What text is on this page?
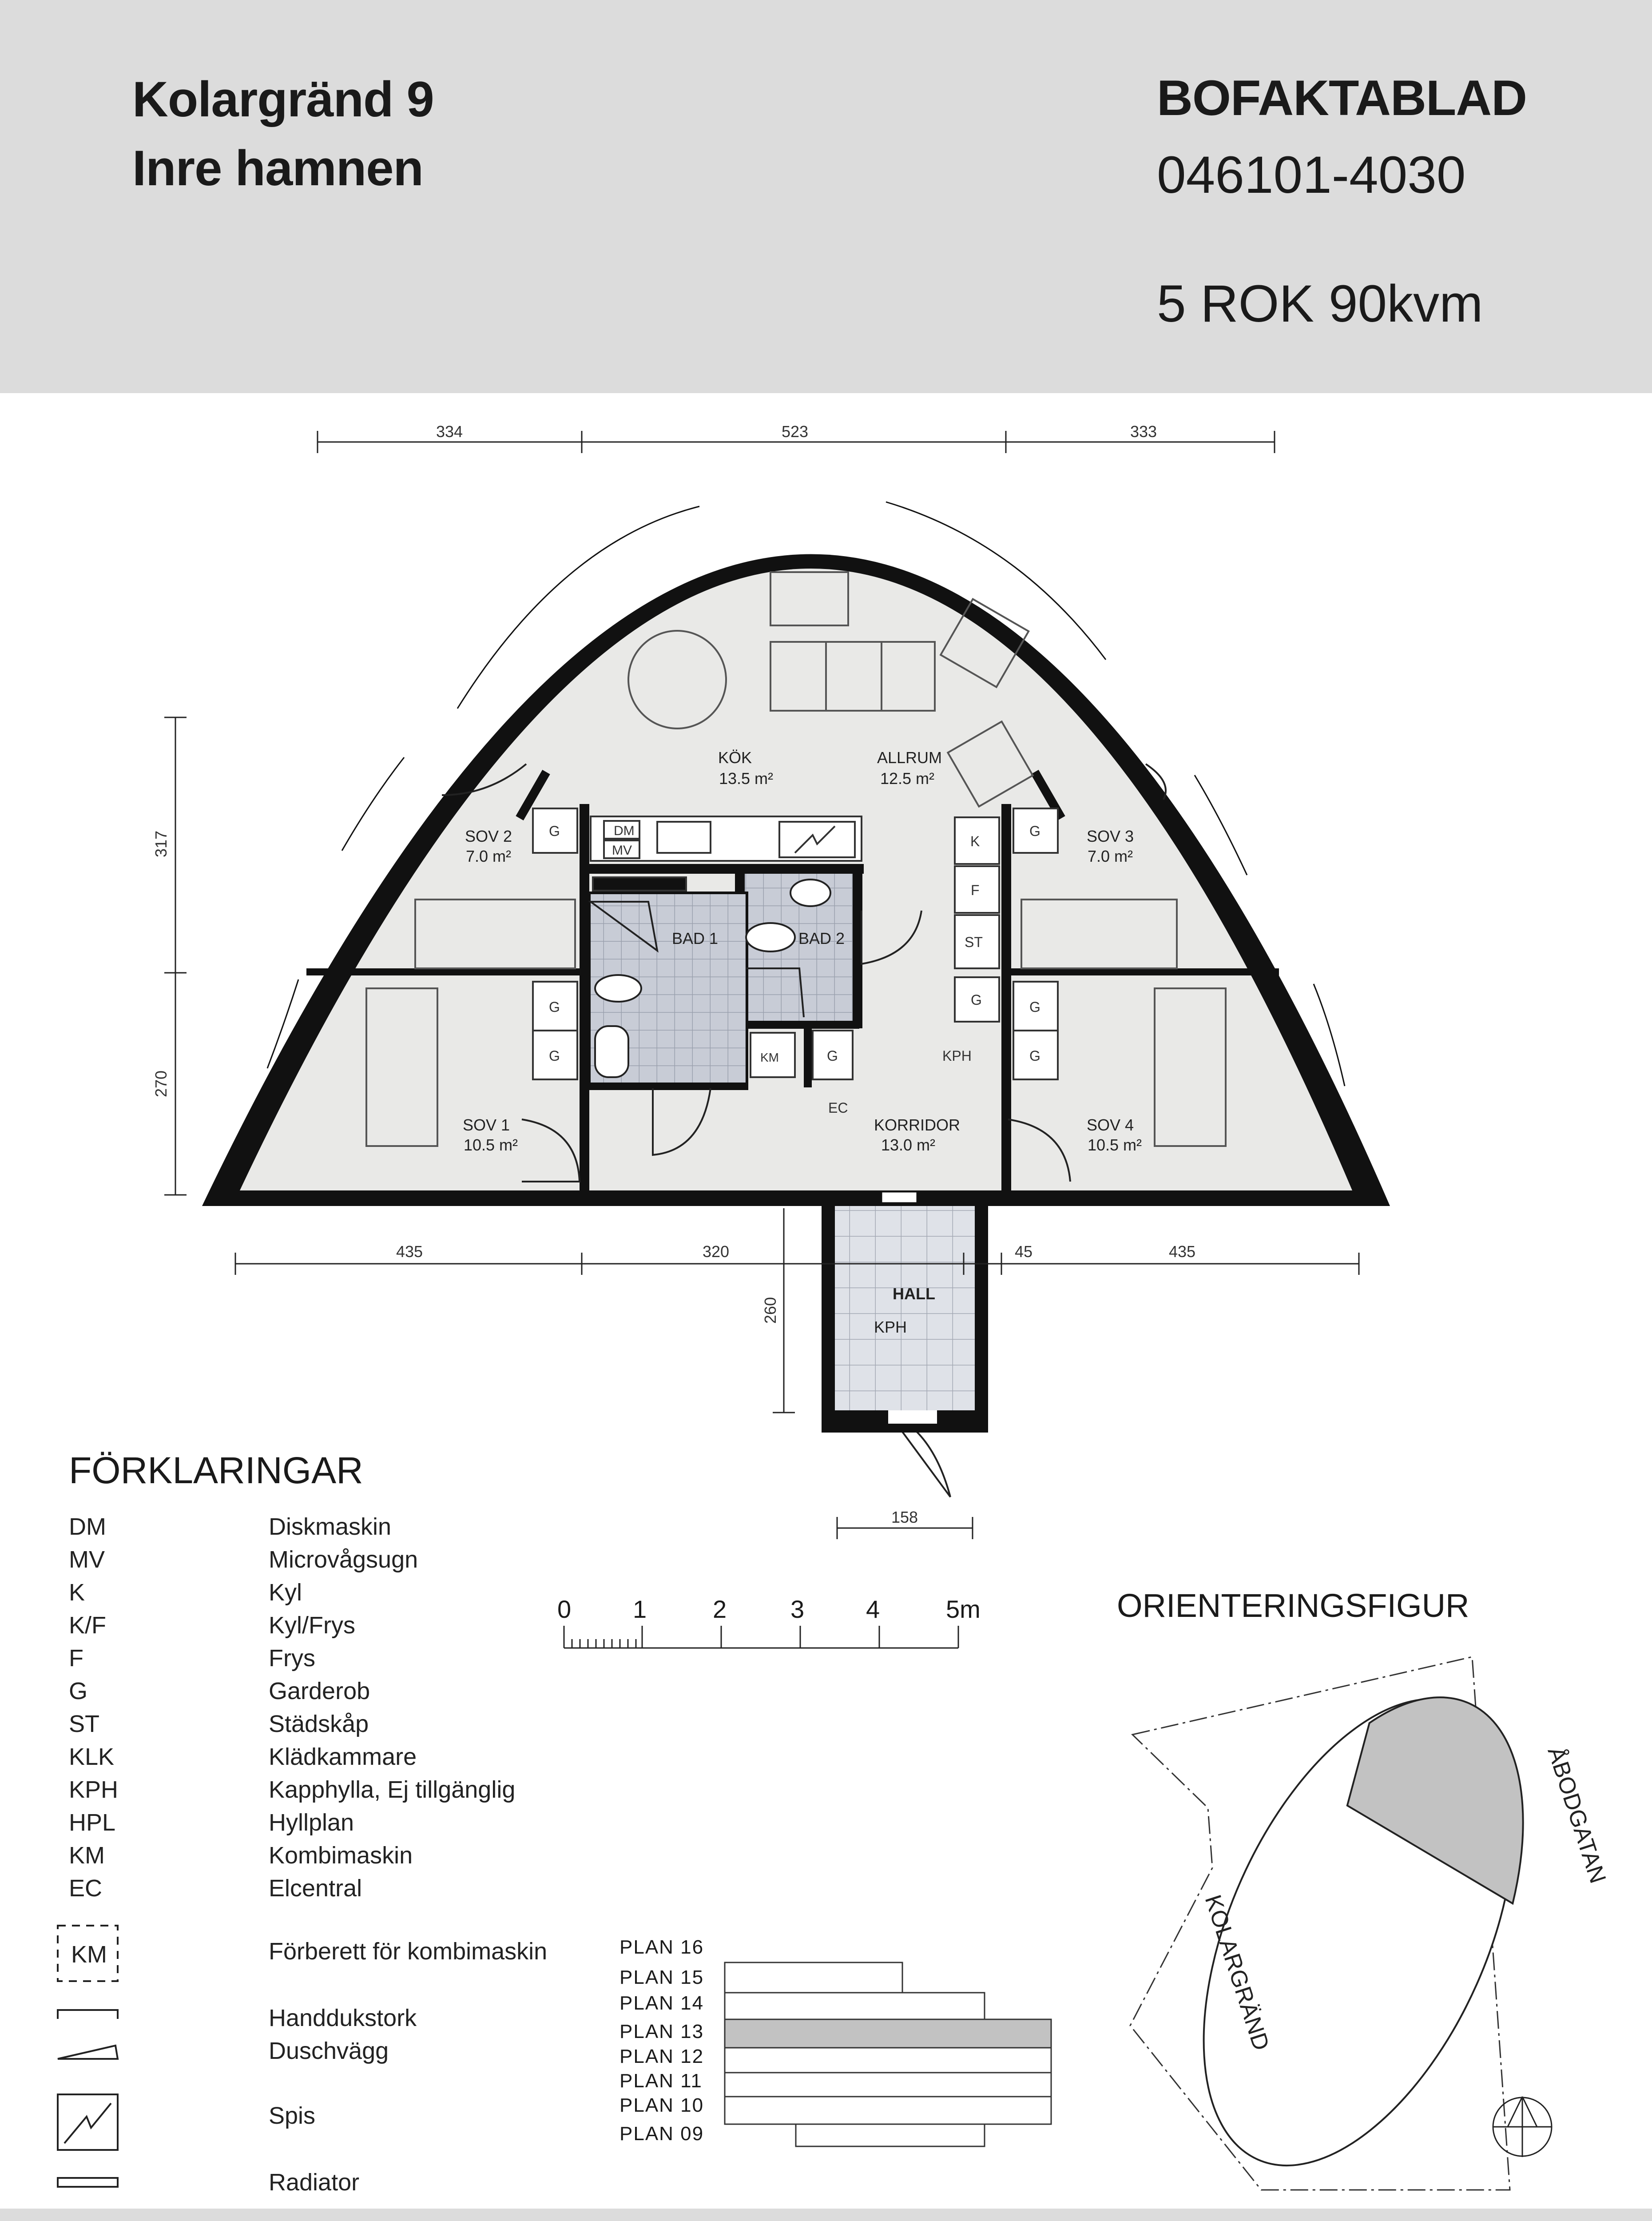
Kolargränd 9
Inre hamnen
BOFAKTABLAD
046101-4030
5 ROK 90kvm
DM
MV
K
F
ST
G
G	G
G
G
G
G
G
KM
EC
KPH
KÖK
13.5 m²
ALLRUM
12.5 m²
SOV 2
7.0 m²
SOV 3
7.0 m²
BAD 1	BAD 2
SOV 1
10.5 m²
KORRIDOR
13.0 m²
SOV 4
10.5 m²
HALL
KPH
334	523	333
317
270
435	320	45	435
260
158
FÖRKLARINGAR
DM	Diskmaskin
MV	Microvågsugn
K	Kyl
K/F	Kyl/Frys
F	Frys
G	Garderob
ST	Städskåp
KLK	Klädkammare
KPH	Kapphylla, Ej tillgänglig
HPL	Hyllplan
KM	Kombimaskin
EC	Elcentral
KM	Förberett för kombimaskin
Handdukstork
Duschvägg
Spis
Radiator
0 1	2	3 4	5m
PLAN 16
PLAN 15
PLAN 14
PLAN 13
PLAN 12
PLAN 11
PLAN 10
PLAN 09
ORIENTERINGSFIGUR
ÅBODGATAN
KOLARGRÄND
